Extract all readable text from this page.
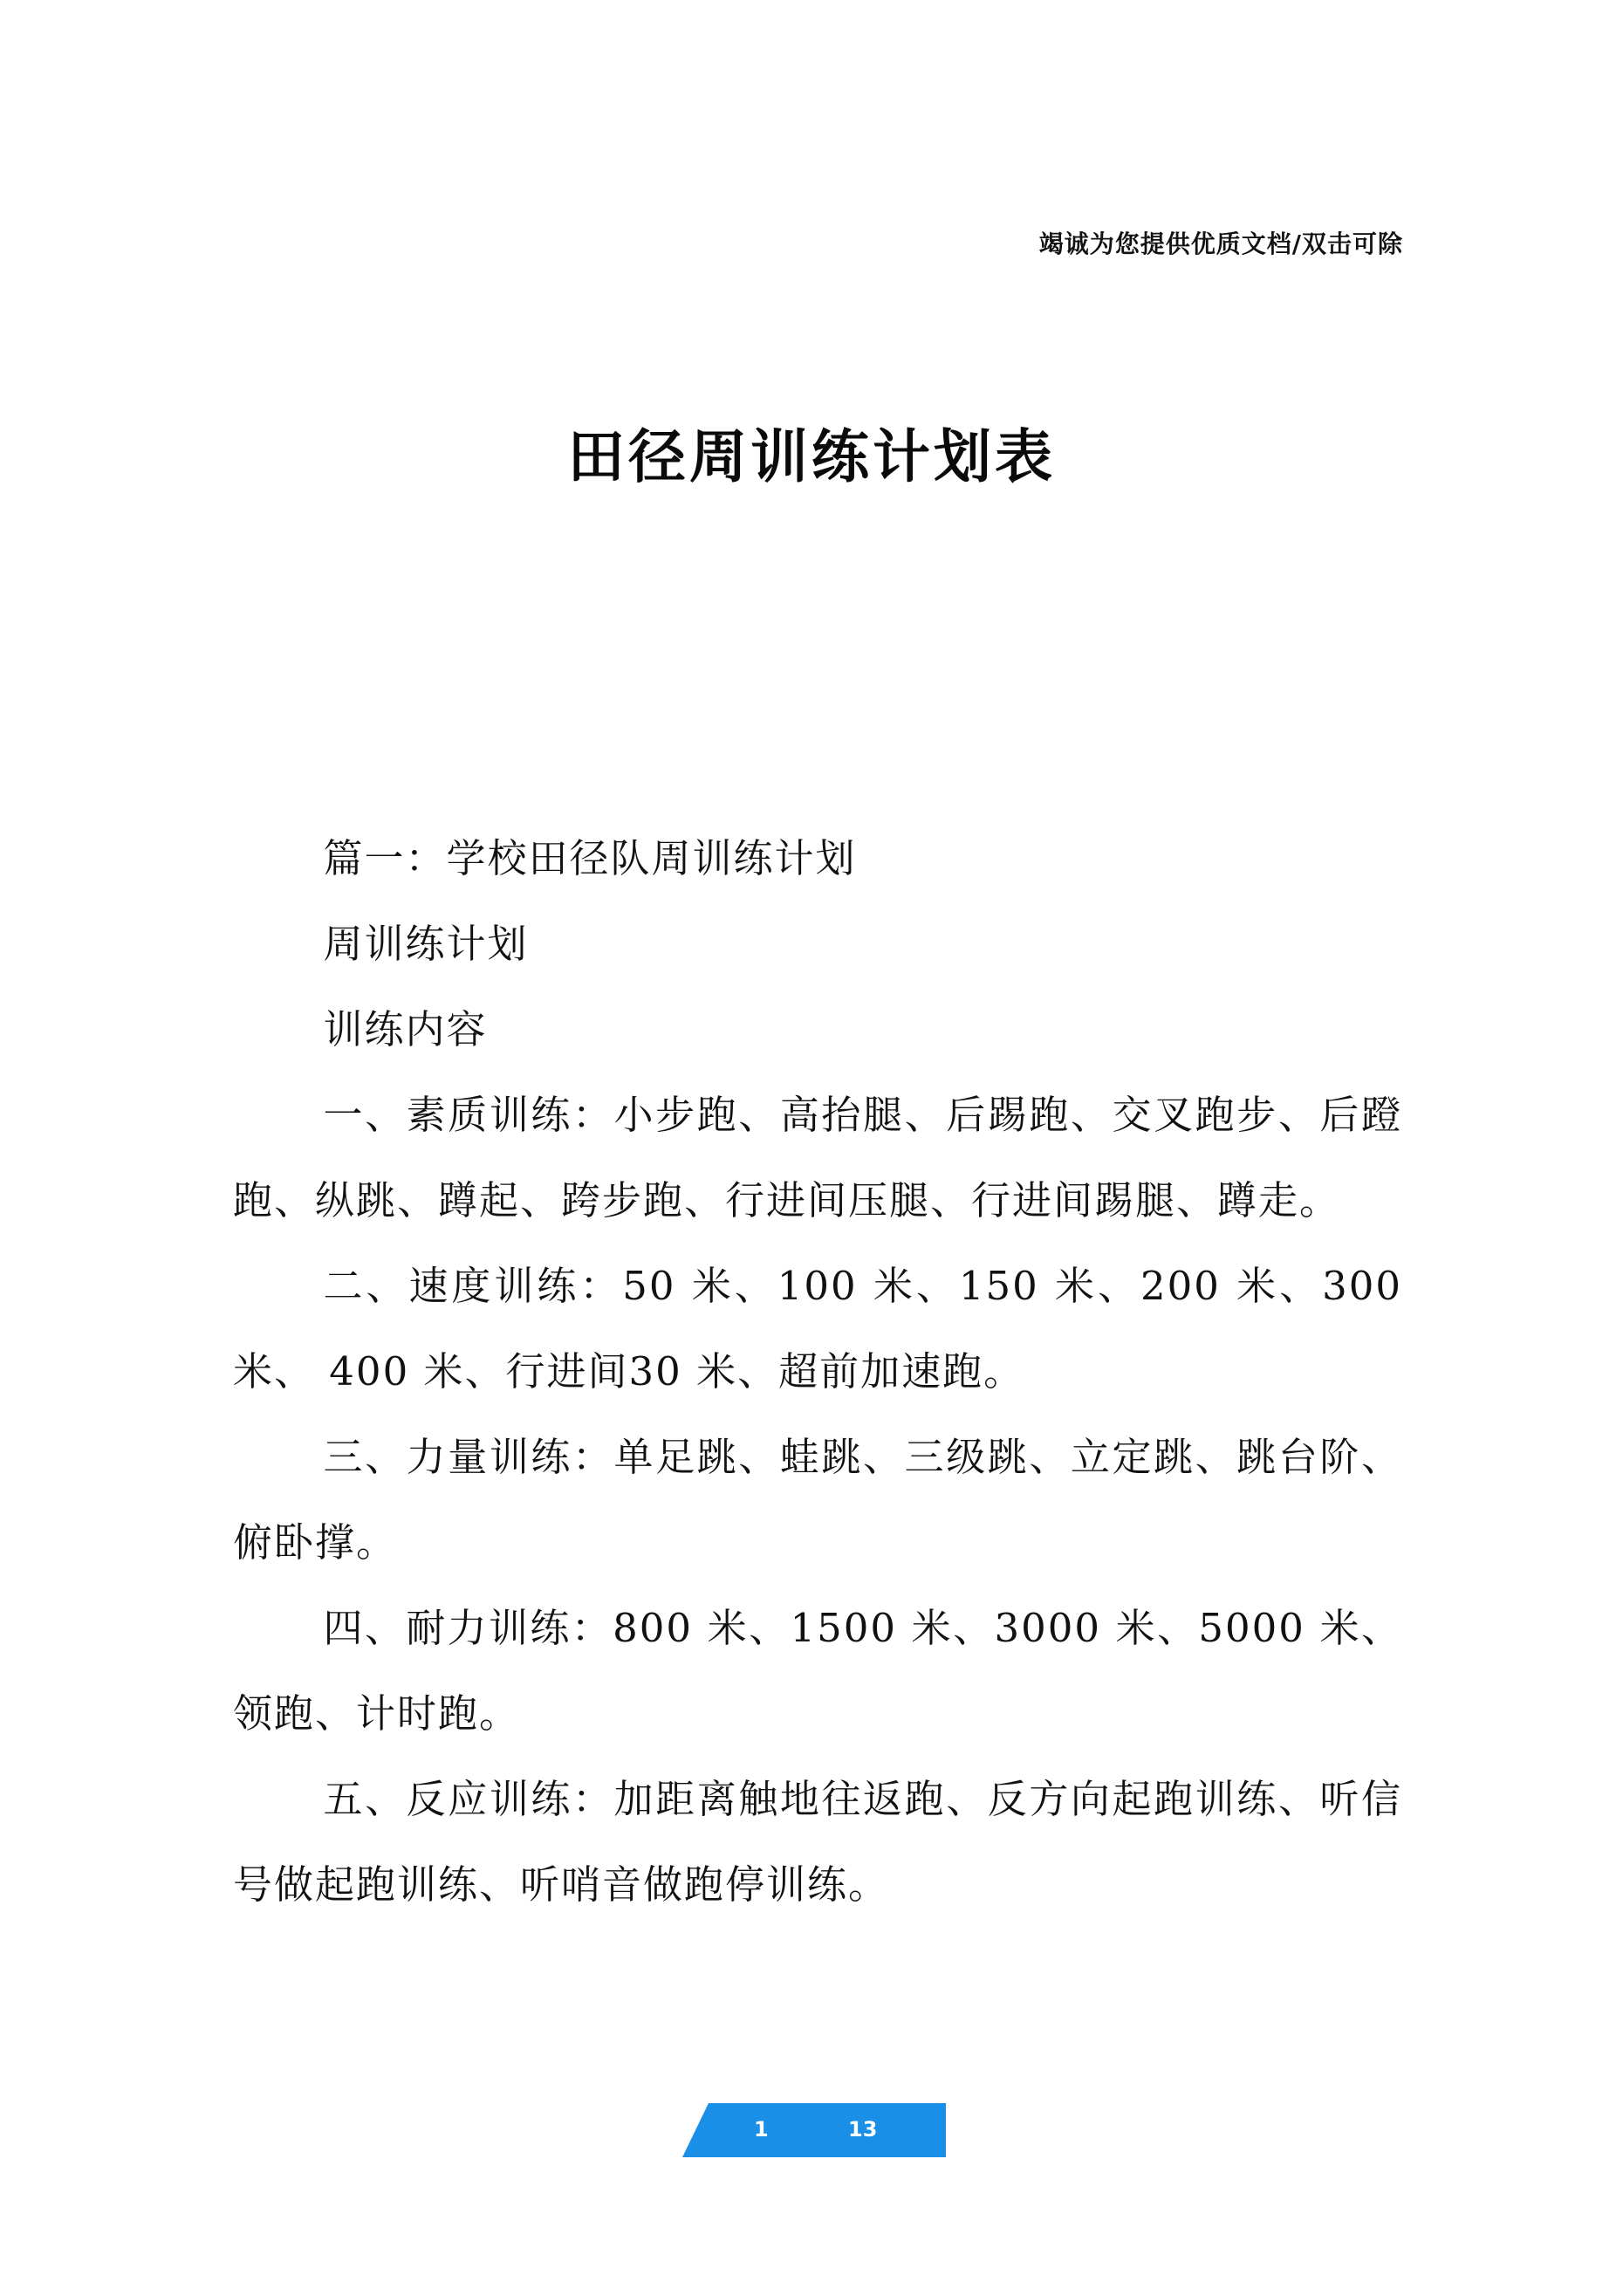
竭诚为您提供优质文档/双击可除
田径周训练计划表

篇一：学校田径队周训练计划

周训练计划

训练内容

一、素质训练：小步跑、高抬腿、后踢跑、交叉跑步、后蹬跑、纵跳、蹲起、跨步跑、行进间压腿、行进间踢腿、蹲走。

二、速度训练：50 米、100 米、150 米、200 米、300 米、 400 米、行进间30 米、超前加速跑。

三、力量训练：单足跳、蛙跳、三级跳、立定跳、跳台阶、俯卧撑。

四、耐力训练：800 米、1500 米、3000 米、5000 米、领跑、计时跑。

五、反应训练：加距离触地往返跑、反方向起跑训练、听信号做起跑训练、听哨音做跑停训练。

1	13
